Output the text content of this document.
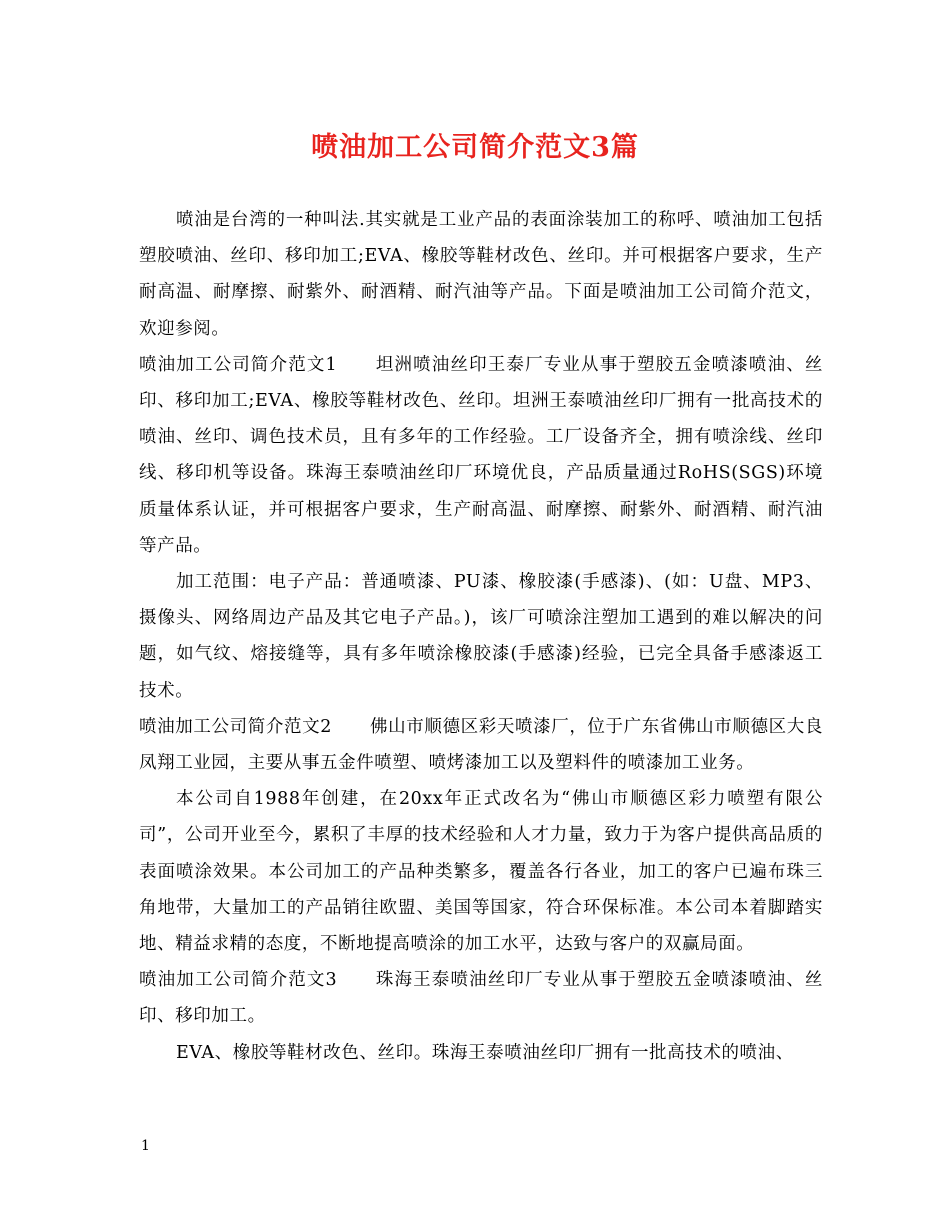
喷油加工公司简介范文3篇

喷油是台湾的一种叫法.其实就是工业产品的表面涂装加工的称呼、喷油加工包括塑胶喷油、丝印、移印加工;EVA、橡胶等鞋材改色、丝印。并可根据客户要求，生产耐高温、耐摩擦、耐紫外、耐酒精、耐汽油等产品。下面是喷油加工公司简介范文，欢迎参阅。

喷油加工公司简介范文1 坦洲喷油丝印王泰厂专业从事于塑胶五金喷漆喷油、丝印、移印加工;EVA、橡胶等鞋材改色、丝印。坦洲王泰喷油丝印厂拥有一批高技术的喷油、丝印、调色技术员，且有多年的工作经验。工厂设备齐全，拥有喷涂线、丝印线、移印机等设备。珠海王泰喷油丝印厂环境优良，产品质量通过RoHS(SGS)环境质量体系认证，并可根据客户要求，生产耐高温、耐摩擦、耐紫外、耐酒精、耐汽油等产品。

加工范围：电子产品：普通喷漆、PU漆、橡胶漆(手感漆)、(如：U盘、MP3、摄像头、网络周边产品及其它电子产品。)，该厂可喷涂注塑加工遇到的难以解决的问题，如气纹、熔接缝等，具有多年喷涂橡胶漆(手感漆)经验，已完全具备手感漆返工技术。

喷油加工公司简介范文2 佛山市顺德区彩天喷漆厂，位于广东省佛山市顺德区大良凤翔工业园，主要从事五金件喷塑、喷烤漆加工以及塑料件的喷漆加工业务。

本公司自1988年创建，在20xx年正式改名为“佛山市顺德区彩力喷塑有限公司”，公司开业至今，累积了丰厚的技术经验和人才力量，致力于为客户提供高品质的表面喷涂效果。本公司加工的产品种类繁多，覆盖各行各业，加工的客户已遍布珠三角地带，大量加工的产品销往欧盟、美国等国家，符合环保标准。本公司本着脚踏实地、精益求精的态度，不断地提高喷涂的加工水平，达致与客户的双赢局面。

喷油加工公司简介范文3 珠海王泰喷油丝印厂专业从事于塑胶五金喷漆喷油、丝印、移印加工。

EVA、橡胶等鞋材改色、丝印。珠海王泰喷油丝印厂拥有一批高技术的喷油、

1
